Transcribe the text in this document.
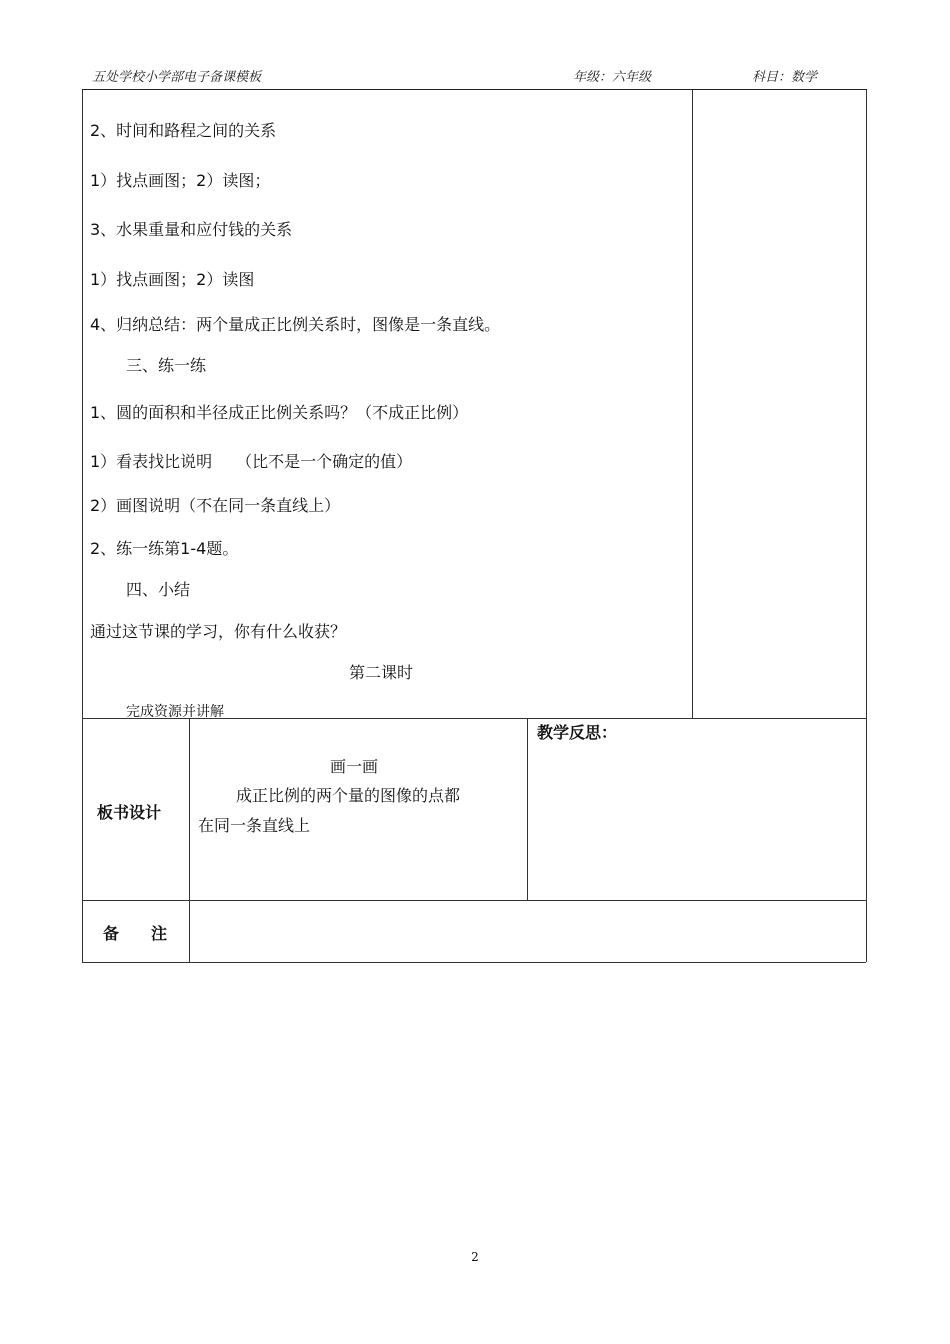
五处学校小学部电子备课模板	年级：六年级	科目：数学
2、时间和路程之间的关系
1）找点画图；2）读图；
3、水果重量和应付钱的关系
1）找点画图；2）读图
4、归纳总结：两个量成正比例关系时，图像是一条直线。
三、练一练
1、圆的面积和半径成正比例关系吗？（不成正比例）
1）看表找比说明　　（比不是一个确定的值）
2）画图说明（不在同一条直线上）
2、练一练第1-4题。
四、小结
通过这节课的学习，你有什么收获？
第二课时
完成资源并讲解
板书设计
画一画
成正比例的两个量的图像的点都
在同一条直线上
教学反思：
备　　注
2
